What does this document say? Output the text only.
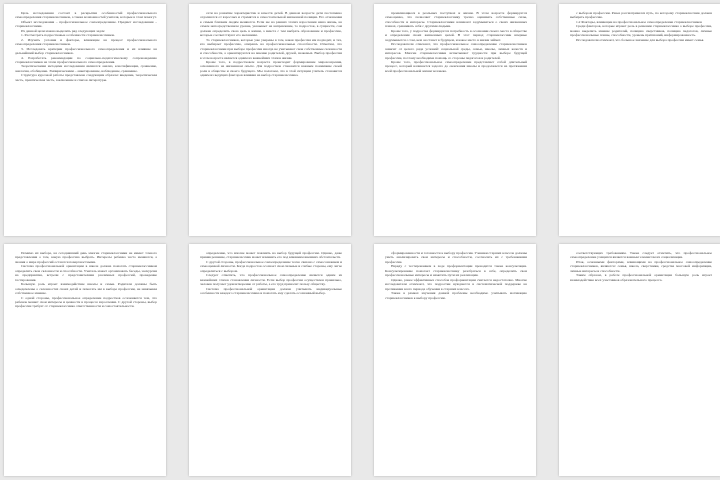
Цель исследования состоит в раскрытии особенностей профессионального самоопределения старшеклассников, а также возможностей учителя, которые в этом помогут.

Объект исследования – профессиональное самоопределение. Предмет исследования – старшеклассники.

Из данной цели можно выделить ряд следующих задач:

1. Рассмотреть подростковые особенности старшеклассников.

2. Изучить условия и факторы, влияющие на процесс профессионального самоопределения старшеклассников.

3. Исследовать критерии профессионального самоопределения и их влияние на дальнейший выбор старшеклассников.

4. Разработать рекомендации по социально-педагогическому сопровождению старшеклассников на этапе профессионального самоопределения.

Теоретическими методами исследования являются анализ, классификация, сравнение, аналогия, обобщение. Эмпирическими – анкетирование, наблюдение, сравнение.

Структура курсовой работы представлена следующим образом: введение, теоретическая часть, практическая часть, заключение и список литературы.

сети на развитие характеристик и качеств детей. В данном возрасте дети постепенно отдаляются от взрослых и стремятся к самостоятельной жизненной позиции. Его отношения к самым близким людям меняются. Если же на ранних этапах взросления наша жизнь, на самом непосредственном уровне, указывает на направление, то подросток, в сущности, сам должен определить свою цель в жизни, а вместе с тем выбрать образование и профессию, которые соответствуют его желаниям.

То старшеклассников, которые уже уверены в том, какая профессия им подходит, и тех, кто выбирает профессию, опираясь на профессиональные способности. Отметим, что старшеклассники при выборе профессии иногда не учитывают свои собственные склонности и способности, а ориентируются на мнение родителей, друзей, знакомых. Выбор профессии в этом возрасте является одним из важнейших этапов жизни.

Кроме того, в подростковом возрасте происходит формирование мировоззрения, основанного на жизненном опыте. Для подростков становится важным понимание своей роли в обществе и своего будущего. Мы полагаем, что в этой ситуации учитель становится одним из ведущих факторов влияния на выбор старшеклассника.

проявляющиеся в реальных поступках и жизни. В этом возрасте формируется самооценка, что позволяет старшекласснику трезво оценивать собственные силы, способности и интересы. Старшеклассники начинают задумываться о своих жизненных планах, сравнивать себя с другими людьми.

Кроме того, у подростка формируется потребность в осознании своего места в обществе и определении своих жизненных целей. В этот период старшеклассник впервые задумывается о том, кем он станет в будущем, и какое место в жизни займет.

Исследователи отмечают, что профессиональное самоопределение старшеклассников зависит от целого ряда условий: социальной среды, семьи, школы, личных качеств и интересов. Многие старшеклассники испытывают трудности при выборе будущей профессии, поэтому необходима помощь со стороны педагогов и родителей.

Кроме того, профессиональное самоопределение представляет собой длительный процесс, который начинается задолго до окончания школы и продолжается на протяжении всей профессиональной жизни человека.

с выбором профессии. Ранее рассматривался путь, по которому старшеклассник должен выбирать профессию.

1.2 Факторы, влияющие на профессиональное самоопределение старшеклассников

Среди факторов, которые играют роль в решении старшеклассника о выборе профессии, можно выделить мнение родителей, позицию сверстников, позицию педагогов, личные профессиональные планы, способности, уровень притязаний, информированность.

Исследователи отмечают, что большое значение для выбора профессии имеет семья.

Помимо их выбора, на сегодняшний день многие старшеклассники не имеют точного представления о том, какую профессию выбрать. Интересы ребенка часто меняются, а знания о мире профессий остаются поверхностными.

Система профессиональной ориентации в школе должна помогать старшеклассникам определить свои склонности и способности. Учитель может организовать беседы, экскурсии на предприятия, встречи с представителями различных профессий, проведение тестирования.

Большую роль играет взаимодействие школы и семьи. Родители должны быть осведомлены о склонностях своих детей и помогать им в выборе профессии, не навязывая собственное мнение.

С одной стороны, профессиональное определение подростков осложняется тем, что ребенок меняет свои интересы и ценности в процессе взросления. С другой стороны, выбор профессии требует от старшеклассника ответственности и самостоятельности.

определение, что вполне может повлиять на выбор будущей профессии. Однако, даже приняв решение, старшеклассник может изменить его под влиянием внешних обстоятельств.

С другой стороны, профессиональное самоопределение тесно связано с самосознанием и самооценкой личности. Когда подросток осознает свои сильные и слабые стороны, ему легче определиться с выбором.

Следует отметить, что профессиональное самоопределение является одним из важнейших этапов становления личности. Если выбор профессии осуществлен правильно, человек получает удовлетворение от работы, а его труд приносит пользу обществу.

Система профессиональной ориентации должна учитывать индивидуальные особенности каждого старшеклассника и помогать ему сделать осознанный выбор.

сформированности и готовности к выбору профессии. Ученики старших классов должны уметь анализировать свои интересы и способности, соотносить их с требованиями профессии.

Наряду с тестированием в ходе профориентации проводятся также консультации. Консультирование помогает старшекласснику разобраться в себе, определить свои профессиональные интересы и наметить пути их реализации.

Однако, ранее эффективных способов профориентации считается недостаточно. Многие исследователи отмечают, что подростки нуждаются в систематической поддержке на протяжении всего периода обучения в старших классах.

Также в рамках изучения данной проблемы необходимо учитывать мотивацию старшеклассников к выбору профессии.

соответствующих требованиям. Также следует отметить, что профессиональное самоопределение учащихся является важным элементом их социализации.

Итак, основными факторами, влияющими на профессиональное самоопределение старшеклассников, являются: семья, школа, сверстники, средства массовой информации, личные интересы и способности.

Таким образом, в работе профессиональной ориентации большую роль играет взаимодействие всех участников образовательного процесса.
